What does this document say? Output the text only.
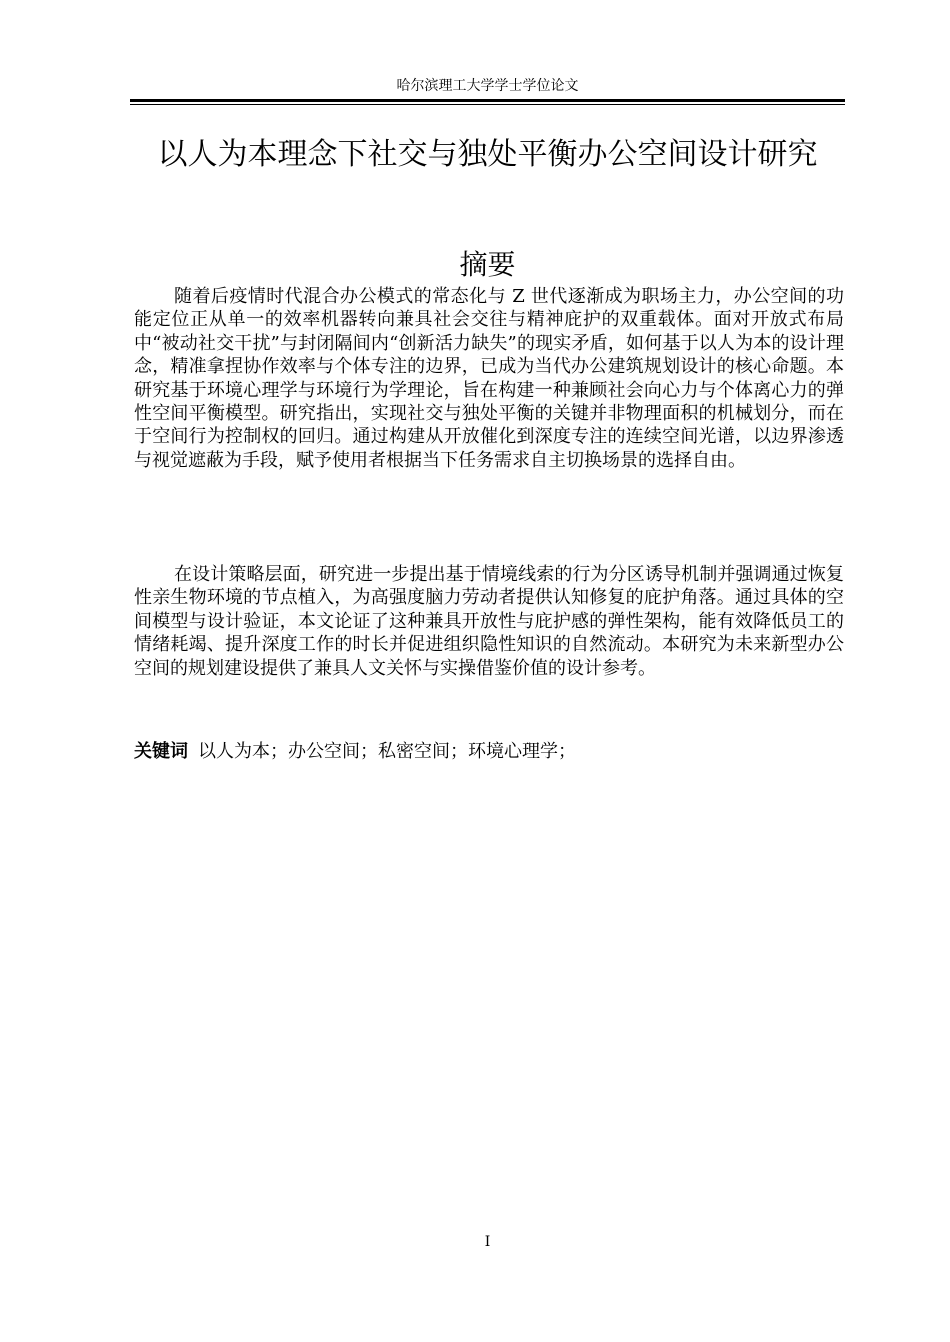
哈尔滨理工大学学士学位论文
以人为本理念下社交与独处平衡办公空间设计研究
摘要

随着后疫情时代混合办公模式的常态化与 Z 世代逐渐成为职场主力，办公空间的功能定位正从单一的效率机器转向兼具社会交往与精神庇护的双重载体。面对开放式布局中“被动社交干扰”与封闭隔间内“创新活力缺失”的现实矛盾，如何基于以人为本的设计理念，精准拿捏协作效率与个体专注的边界，已成为当代办公建筑规划设计的核心命题。本研究基于环境心理学与环境行为学理论，旨在构建一种兼顾社会向心力与个体离心力的弹性空间平衡模型。研究指出，实现社交与独处平衡的关键并非物理面积的机械划分，而在于空间行为控制权的回归。通过构建从开放催化到深度专注的连续空间光谱，以边界渗透与视觉遮蔽为手段，赋予使用者根据当下任务需求自主切换场景的选择自由。

在设计策略层面，研究进一步提出基于情境线索的行为分区诱导机制并强调通过恢复性亲生物环境的节点植入，为高强度脑力劳动者提供认知修复的庇护角落。通过具体的空间模型与设计验证，本文论证了这种兼具开放性与庇护感的弹性架构，能有效降低员工的情绪耗竭、提升深度工作的时长并促进组织隐性知识的自然流动。本研究为未来新型办公空间的规划建设提供了兼具人文关怀与实操借鉴价值的设计参考。

关键词 以人为本；办公空间；私密空间；环境心理学；

I
